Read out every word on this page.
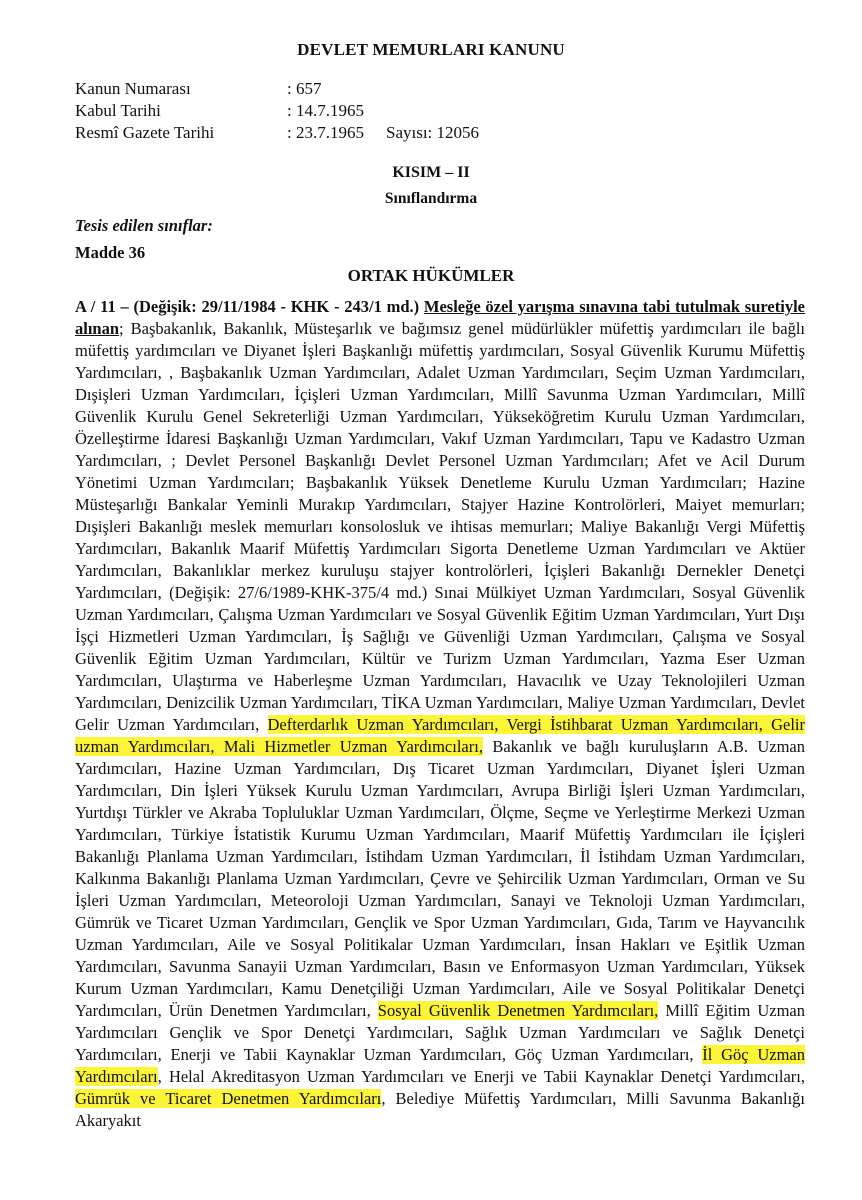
DEVLET MEMURLARI KANUNU
Kanun Numarası	: 657
Kabul Tarihi	: 14.7.1965
Resmî Gazete Tarihi	: 23.7.1965 Sayısı: 12056
KISIM – II
Sınıflandırma
Tesis edilen sınıflar:
Madde 36
ORTAK HÜKÜMLER
A / 11 – (Değişik: 29/11/1984 - KHK - 243/1 md.) Mesleğe özel yarışma sınavına tabi tutulmak suretiyle alınan; Başbakanlık, Bakanlık, Müsteşarlık ve bağımsız genel müdürlükler müfettiş yardımcıları ile bağlı müfettiş yardımcıları ve Diyanet İşleri Başkanlığı müfettiş yardımcıları, Sosyal Güvenlik Kurumu Müfettiş Yardımcıları, , Başbakanlık Uzman Yardımcıları, Adalet Uzman Yardımcıları, Seçim Uzman Yardımcıları, Dışişleri Uzman Yardımcıları, İçişleri Uzman Yardımcıları, Millî Savunma Uzman Yardımcıları, Millî Güvenlik Kurulu Genel Sekreterliği Uzman Yardımcıları, Yükseköğretim Kurulu Uzman Yardımcıları, Özelleştirme İdaresi Başkanlığı Uzman Yardımcıları, Vakıf Uzman Yardımcıları, Tapu ve Kadastro Uzman Yardımcıları, ; Devlet Personel Başkanlığı Devlet Personel Uzman Yardımcıları; Afet ve Acil Durum Yönetimi Uzman Yardımcıları; Başbakanlık Yüksek Denetleme Kurulu Uzman Yardımcıları; Hazine Müsteşarlığı Bankalar Yeminli Murakıp Yardımcıları, Stajyer Hazine Kontrolörleri, Maiyet memurları; Dışişleri Bakanlığı meslek memurları konsolosluk ve ihtisas memurları; Maliye Bakanlığı Vergi Müfettiş Yardımcıları, Bakanlık Maarif Müfettiş Yardımcıları Sigorta Denetleme Uzman Yardımcıları ve Aktüer Yardımcıları, Bakanlıklar merkez kuruluşu stajyer kontrolörleri, İçişleri Bakanlığı Dernekler Denetçi Yardımcıları, (Değişik: 27/6/1989-KHK-375/4 md.) Sınai Mülkiyet Uzman Yardımcıları, Sosyal Güvenlik Uzman Yardımcıları, Çalışma Uzman Yardımcıları ve Sosyal Güvenlik Eğitim Uzman Yardımcıları, Yurt Dışı İşçi Hizmetleri Uzman Yardımcıları, İş Sağlığı ve Güvenliği Uzman Yardımcıları, Çalışma ve Sosyal Güvenlik Eğitim Uzman Yardımcıları, Kültür ve Turizm Uzman Yardımcıları, Yazma Eser Uzman Yardımcıları, Ulaştırma ve Haberleşme Uzman Yardımcıları, Havacılık ve Uzay Teknolojileri Uzman Yardımcıları, Denizcilik Uzman Yardımcıları, TİKA Uzman Yardımcıları, Maliye Uzman Yardımcıları, Devlet Gelir Uzman Yardımcıları, Defterdarlık Uzman Yardımcıları, Vergi İstihbarat Uzman Yardımcıları, Gelir uzman Yardımcıları, Mali Hizmetler Uzman Yardımcıları, Bakanlık ve bağlı kuruluşların A.B. Uzman Yardımcıları, Hazine Uzman Yardımcıları, Dış Ticaret Uzman Yardımcıları, Diyanet İşleri Uzman Yardımcıları, Din İşleri Yüksek Kurulu Uzman Yardımcıları, Avrupa Birliği İşleri Uzman Yardımcıları, Yurtdışı Türkler ve Akraba Topluluklar Uzman Yardımcıları, Ölçme, Seçme ve Yerleştirme Merkezi Uzman Yardımcıları, Türkiye İstatistik Kurumu Uzman Yardımcıları, Maarif Müfettiş Yardımcıları ile İçişleri Bakanlığı Planlama Uzman Yardımcıları, İstihdam Uzman Yardımcıları, İl İstihdam Uzman Yardımcıları, Kalkınma Bakanlığı Planlama Uzman Yardımcıları, Çevre ve Şehircilik Uzman Yardımcıları, Orman ve Su İşleri Uzman Yardımcıları, Meteoroloji Uzman Yardımcıları, Sanayi ve Teknoloji Uzman Yardımcıları, Gümrük ve Ticaret Uzman Yardımcıları, Gençlik ve Spor Uzman Yardımcıları, Gıda, Tarım ve Hayvancılık Uzman Yardımcıları, Aile ve Sosyal Politikalar Uzman Yardımcıları, İnsan Hakları ve Eşitlik Uzman Yardımcıları, Savunma Sanayii Uzman Yardımcıları, Basın ve Enformasyon Uzman Yardımcıları, Yüksek Kurum Uzman Yardımcıları, Kamu Denetçiliği Uzman Yardımcıları, Aile ve Sosyal Politikalar Denetçi Yardımcıları, Ürün Denetmen Yardımcıları, Sosyal Güvenlik Denetmen Yardımcıları, Millî Eğitim Uzman Yardımcıları Gençlik ve Spor Denetçi Yardımcıları, Sağlık Uzman Yardımcıları ve Sağlık Denetçi Yardımcıları, Enerji ve Tabii Kaynaklar Uzman Yardımcıları, Göç Uzman Yardımcıları, İl Göç Uzman Yardımcıları, Helal Akreditasyon Uzman Yardımcıları ve Enerji ve Tabii Kaynaklar Denetçi Yardımcıları, Gümrük ve Ticaret Denetmen Yardımcıları, Belediye Müfettiş Yardımcıları, Milli Savunma Bakanlığı Akaryakıt
